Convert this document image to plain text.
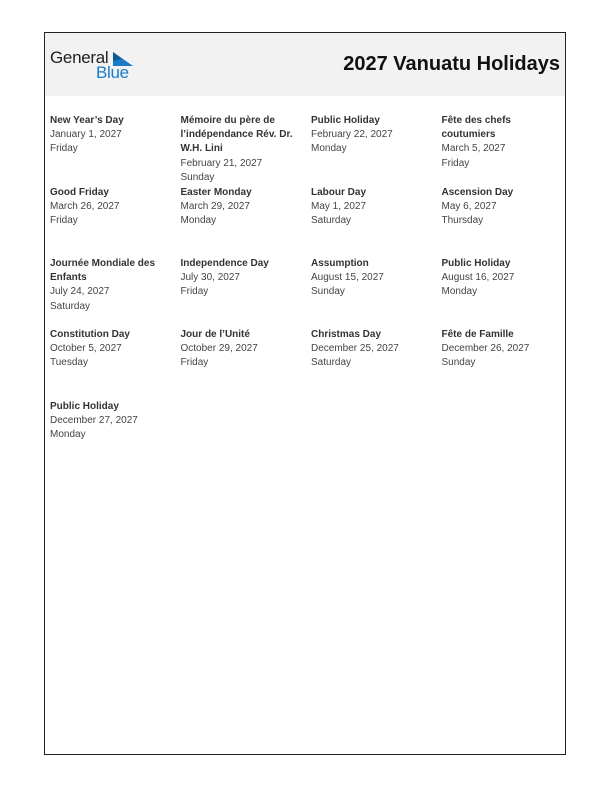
General
Blue	2027 Vanuatu Holidays
New Year’s Day
January 1, 2027
Friday
Mémoire du père de l’indépendance Rév. Dr. W.H. Lini
February 21, 2027
Sunday
Public Holiday
February 22, 2027
Monday
Fête des chefs coutumiers
March 5, 2027
Friday
Good Friday
March 26, 2027
Friday
Easter Monday
March 29, 2027
Monday
Labour Day
May 1, 2027
Saturday
Ascension Day
May 6, 2027
Thursday
Journée Mondiale des Enfants
July 24, 2027
Saturday
Independence Day
July 30, 2027
Friday
Assumption
August 15, 2027
Sunday
Public Holiday
August 16, 2027
Monday
Constitution Day
October 5, 2027
Tuesday
Jour de l’Unité
October 29, 2027
Friday
Christmas Day
December 25, 2027
Saturday
Fête de Famille
December 26, 2027
Sunday
Public Holiday
December 27, 2027
Monday
